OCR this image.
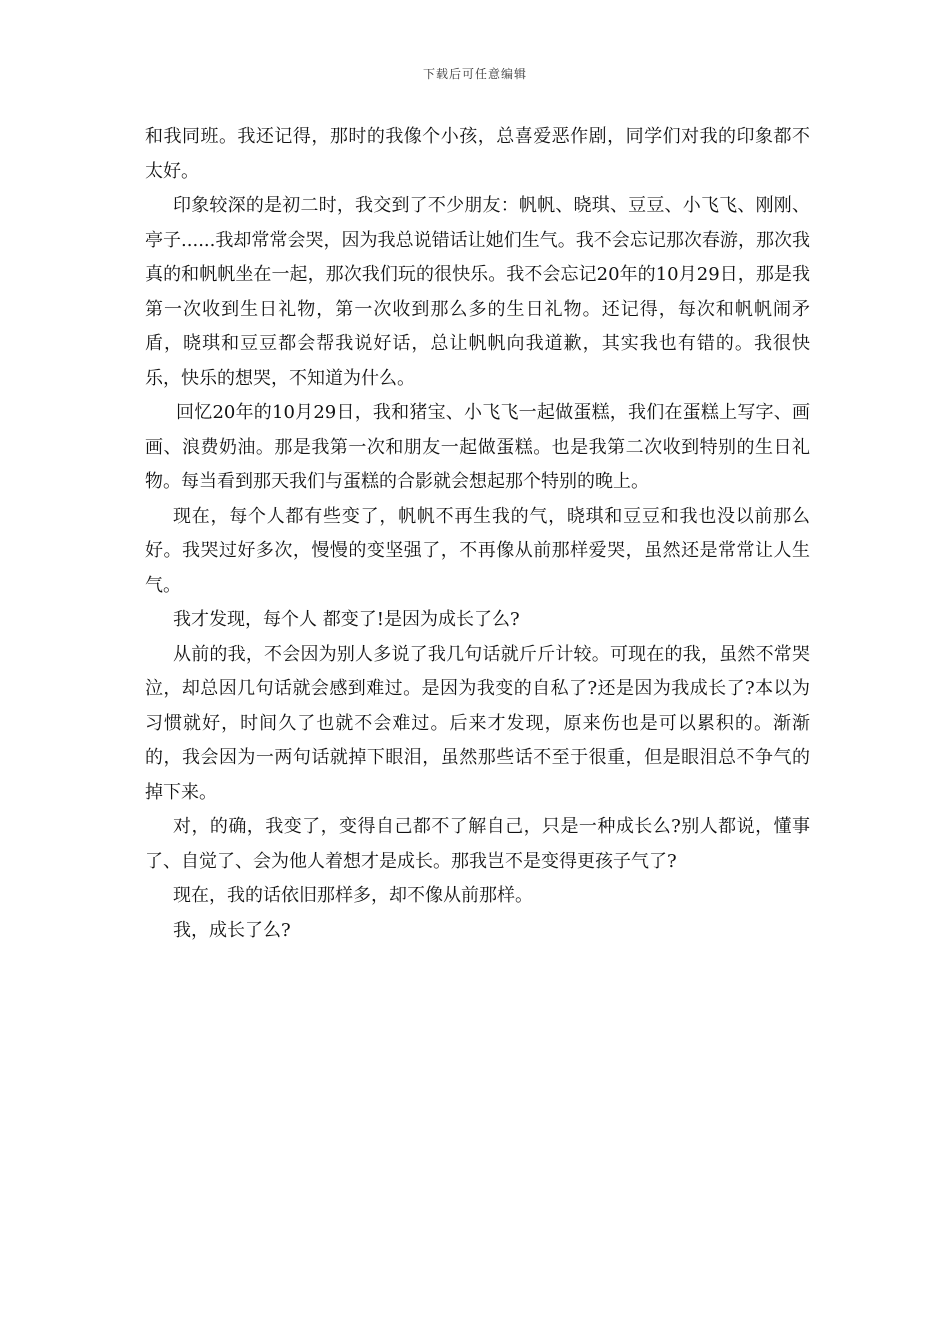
下载后可任意编辑

和我同班。我还记得，那时的我像个小孩，总喜爱恶作剧，同学们对我的印象都不太好。

印象较深的是初二时，我交到了不少朋友：帆帆、晓琪、豆豆、小飞飞、刚刚、亭子......我却常常会哭，因为我总说错话让她们生气。我不会忘记那次春游，那次我真的和帆帆坐在一起，那次我们玩的很快乐。我不会忘记20年的10月29日，那是我第一次收到生日礼物，第一次收到那么多的生日礼物。还记得，每次和帆帆闹矛盾，晓琪和豆豆都会帮我说好话，总让帆帆向我道歉，其实我也有错的。我很快乐，快乐的想哭，不知道为什么。

回忆20年的10月29日，我和猪宝、小飞飞一起做蛋糕，我们在蛋糕上写字、画画、浪费奶油。那是我第一次和朋友一起做蛋糕。也是我第二次收到特别的生日礼物。每当看到那天我们与蛋糕的合影就会想起那个特别的晚上。

现在，每个人都有些变了，帆帆不再生我的气，晓琪和豆豆和我也没以前那么好。我哭过好多次，慢慢的变坚强了，不再像从前那样爱哭，虽然还是常常让人生气。

我才发现，每个人 都变了!是因为成长了么?

从前的我，不会因为别人多说了我几句话就斤斤计较。可现在的我，虽然不常哭泣，却总因几句话就会感到难过。是因为我变的自私了?还是因为我成长了?本以为习惯就好，时间久了也就不会难过。后来才发现，原来伤也是可以累积的。渐渐的，我会因为一两句话就掉下眼泪，虽然那些话不至于很重，但是眼泪总不争气的掉下来。

对，的确，我变了，变得自己都不了解自己，只是一种成长么?别人都说，懂事了、自觉了、会为他人着想才是成长。那我岂不是变得更孩子气了?

现在，我的话依旧那样多，却不像从前那样。

我，成长了么?
